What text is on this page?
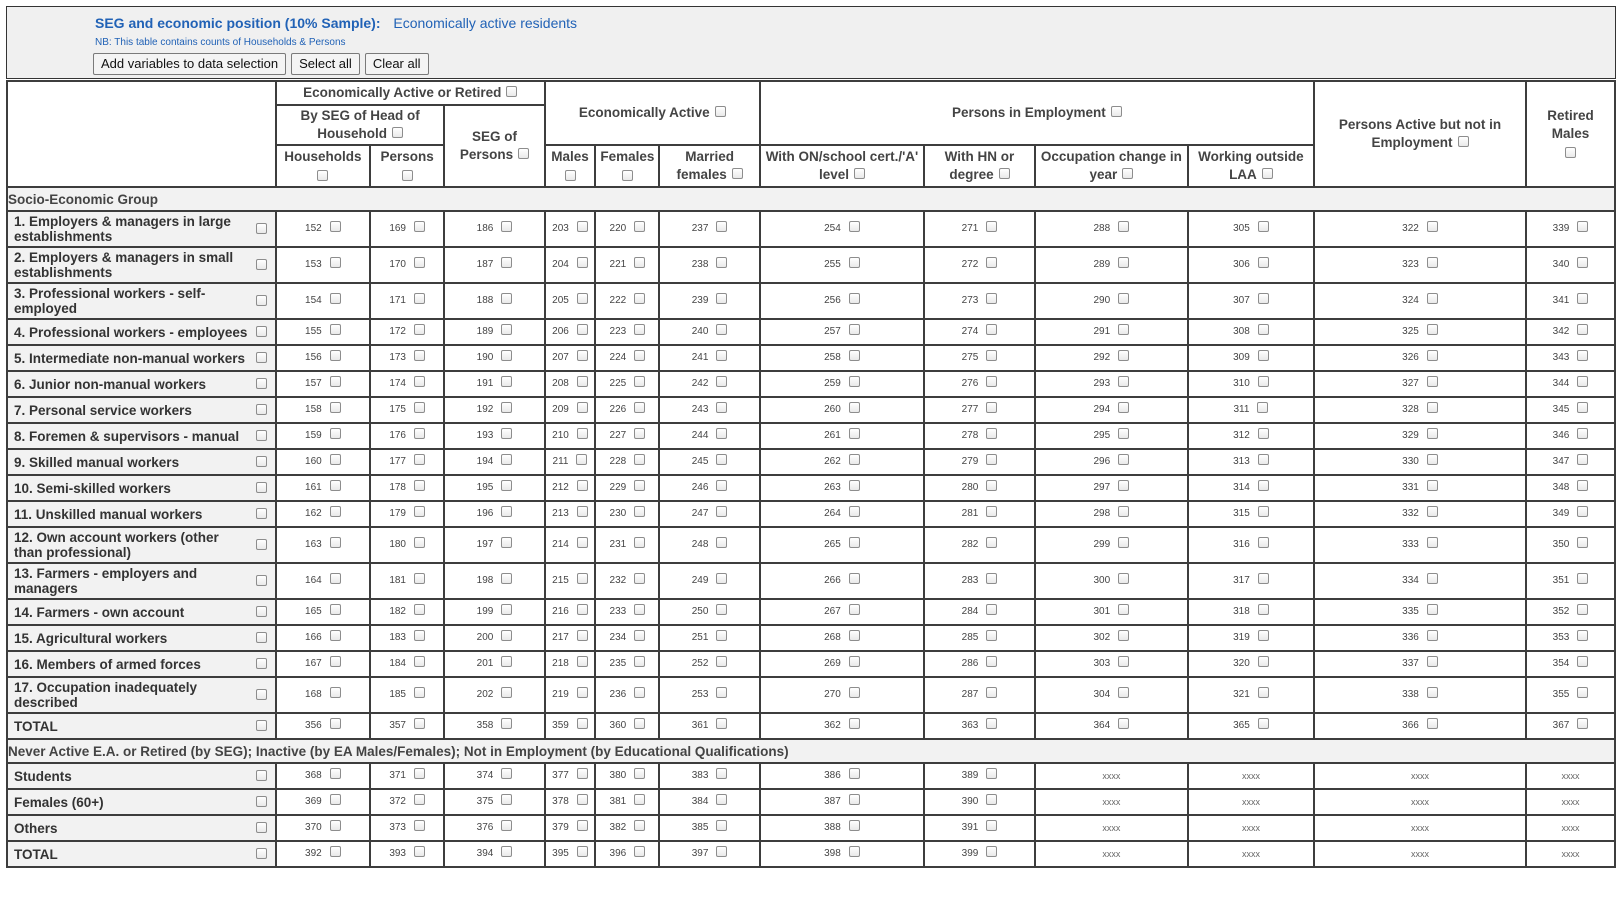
SEG and economic position (10% Sample): Economically active residents
NB: This table contains counts of Households & Persons
Add variables to data selection	Select all	Clear all
	Economically Active or Retired			Economically Active			Persons in Employment				Persons Active but not in Employment	Retired Males

	By SEG of Head of Household		SEG of Persons									
	Households	Persons		Males	Females	Married females	With ON/school cert./'A' level	With HN or degree	Occupation change in year	Working outside LAA		
Socio-Economic Group												

1. Employers & managers in large establishments	152	169	186	203	220	237	254	271	288	305	322	339

2. Employers & managers in small establishments	153	170	187	204	221	238	255	272	289	306	323	340

3. Professional workers - self-employed	154	171	188	205	222	239	256	273	290	307	324	341

4. Professional workers - employees	155	172	189	206	223	240	257	274	291	308	325	342

5. Intermediate non-manual workers	156	173	190	207	224	241	258	275	292	309	326	343

6. Junior non-manual workers	157	174	191	208	225	242	259	276	293	310	327	344

7. Personal service workers	158	175	192	209	226	243	260	277	294	311	328	345

8. Foremen & supervisors - manual	159	176	193	210	227	244	261	278	295	312	329	346

9. Skilled manual workers	160	177	194	211	228	245	262	279	296	313	330	347

10. Semi-skilled workers	161	178	195	212	229	246	263	280	297	314	331	348

11. Unskilled manual workers	162	179	196	213	230	247	264	281	298	315	332	349

12. Own account workers (other than professional)	163	180	197	214	231	248	265	282	299	316	333	350

13. Farmers - employers and managers	164	181	198	215	232	249	266	283	300	317	334	351

14. Farmers - own account	165	182	199	216	233	250	267	284	301	318	335	352

15. Agricultural workers	166	183	200	217	234	251	268	285	302	319	336	353

16. Members of armed forces	167	184	201	218	235	252	269	286	303	320	337	354

17. Occupation inadequately described	168	185	202	219	236	253	270	287	304	321	338	355

TOTAL	356	357	358	359	360	361	362	363	364	365	366	367
Never Active E.A. or Retired (by SEG); Inactive (by EA Males/Females); Not in Employment (by Educational Qualifications)												

Students	368	371	374	377	380	383	386	389	xxxx	xxxx	xxxx	xxxx

Females (60+)	369	372	375	378	381	384	387	390	xxxx	xxxx	xxxx	xxxx

Others	370	373	376	379	382	385	388	391	xxxx	xxxx	xxxx	xxxx

TOTAL	392	393	394	395	396	397	398	399	xxxx	xxxx	xxxx	xxxx
